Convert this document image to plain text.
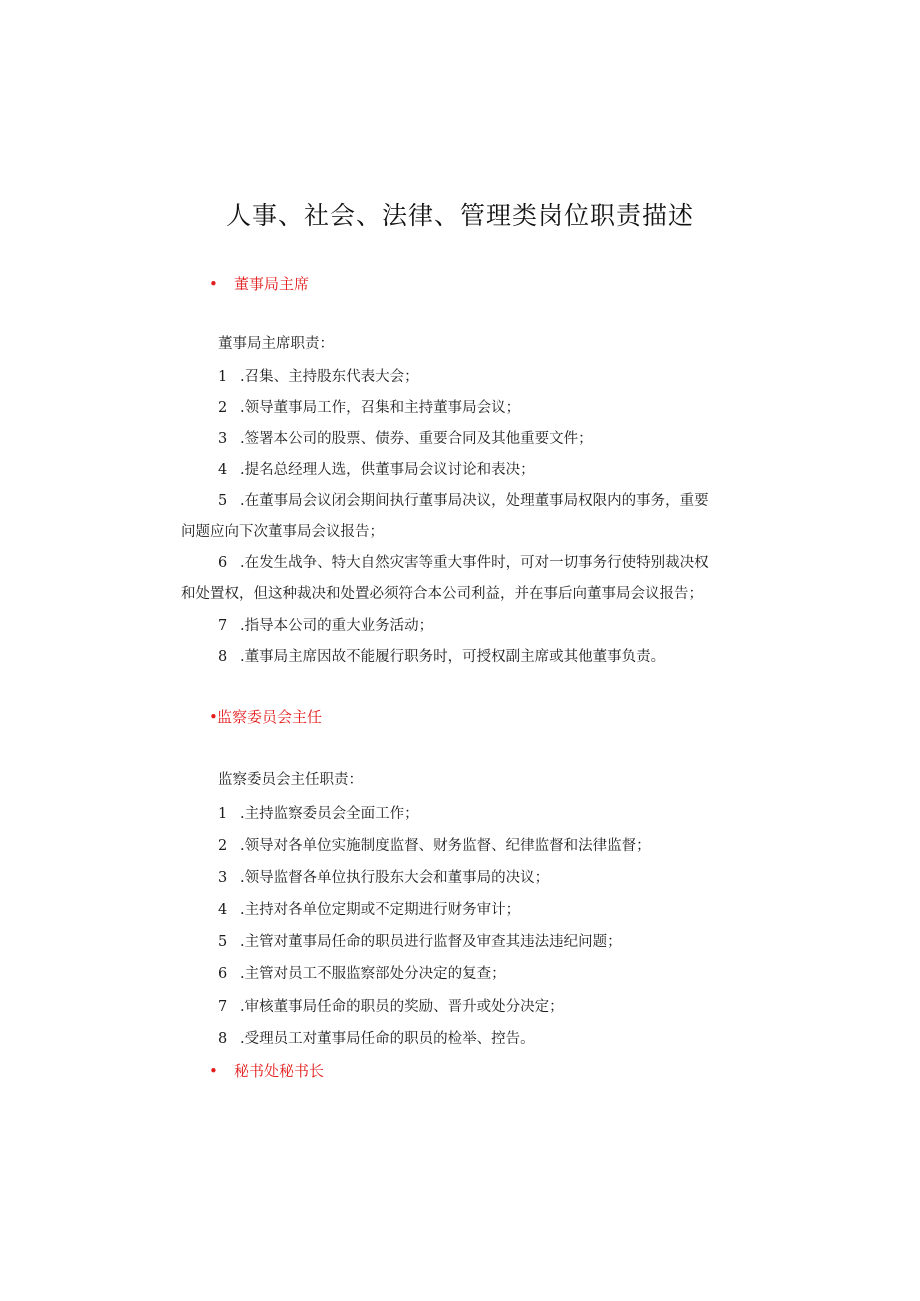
人事、社会、法律、管理类岗位职责描述
• 董事局主席
董事局主席职责：
1 .召集、主持股东代表大会；
2 .领导董事局工作，召集和主持董事局会议；
3 .签署本公司的股票、债券、重要合同及其他重要文件；
4 .提名总经理人选，供董事局会议讨论和表决；
5 .在董事局会议闭会期间执行董事局决议，处理董事局权限内的事务，重要
问题应向下次董事局会议报告；
6 .在发生战争、特大自然灾害等重大事件时，可对一切事务行使特别裁决权
和处置权，但这种裁决和处置必须符合本公司利益，并在事后向董事局会议报告；
7 .指导本公司的重大业务活动；
8 .董事局主席因故不能履行职务时，可授权副主席或其他董事负责。
•监察委员会主任
监察委员会主任职责：
1 .主持监察委员会全面工作；
2 .领导对各单位实施制度监督、财务监督、纪律监督和法律监督；
3 .领导监督各单位执行股东大会和董事局的决议；
4 .主持对各单位定期或不定期进行财务审计；
5 .主管对董事局任命的职员进行监督及审查其违法违纪问题；
6 .主管对员工不服监察部处分决定的复查；
7 .审核董事局任命的职员的奖励、晋升或处分决定；
8 .受理员工对董事局任命的职员的检举、控告。
• 秘书处秘书长
